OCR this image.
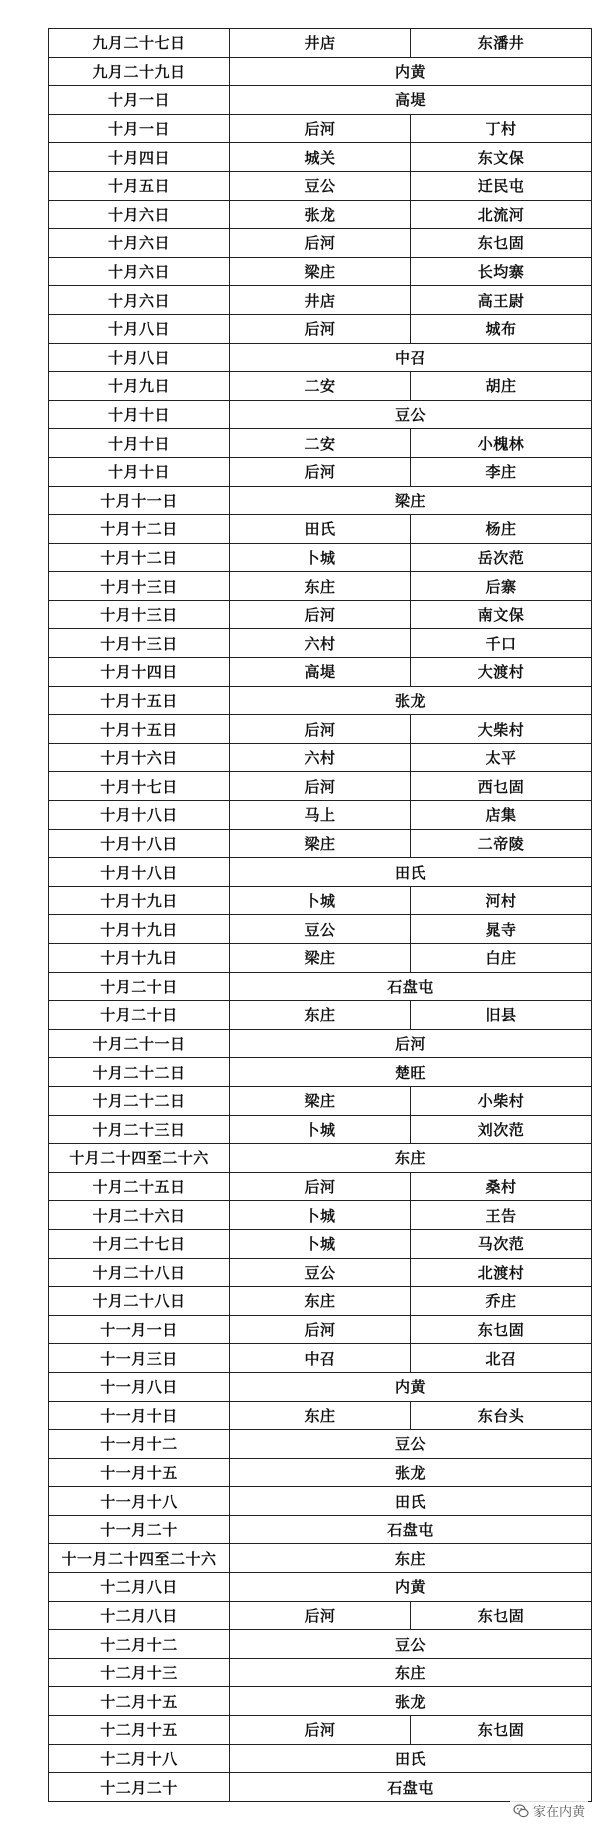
九月二十七日	井店	东潘井
九月二十九日	内黄	
十月一日	高堤	
十月一日	后河	丁村
十月四日	城关	东文保
十月五日	豆公	迁民屯
十月六日	张龙	北流河
十月六日	后河	东乜固
十月六日	梁庄	长均寨
十月六日	井店	高王尉
十月八日	后河	城布
十月八日	中召	
十月九日	二安	胡庄
十月十日	豆公	
十月十日	二安	小槐林
十月十日	后河	李庄
十月十一日	梁庄	
十月十二日	田氏	杨庄
十月十二日	卜城	岳次范
十月十三日	东庄	后寨
十月十三日	后河	南文保
十月十三日	六村	千口
十月十四日	高堤	大渡村
十月十五日	张龙	
十月十五日	后河	大柴村
十月十六日	六村	太平
十月十七日	后河	西乜固
十月十八日	马上	店集
十月十八日	梁庄	二帝陵
十月十八日	田氏	
十月十九日	卜城	河村
十月十九日	豆公	晁寺
十月十九日	梁庄	白庄
十月二十日	石盘屯	
十月二十日	东庄	旧县
十月二十一日	后河	
十月二十二日	楚旺	
十月二十二日	梁庄	小柴村
十月二十三日	卜城	刘次范
十月二十四至二十六	东庄	
十月二十五日	后河	桑村
十月二十六日	卜城	王告
十月二十七日	卜城	马次范
十月二十八日	豆公	北渡村
十月二十八日	东庄	乔庄
十一月一日	后河	东乜固
十一月三日	中召	北召
十一月八日	内黄	
十一月十日	东庄	东台头
十一月十二	豆公	
十一月十五	张龙	
十一月十八	田氏	
十一月二十	石盘屯	
十一月二十四至二十六	东庄	
十二月八日	内黄	
十二月八日	后河	东乜固
十二月十二	豆公	
十二月十三	东庄	
十二月十五	张龙	
十二月十五	后河	东乜固
十二月十八	田氏	
十二月二十	石盘屯	
家在内黄
